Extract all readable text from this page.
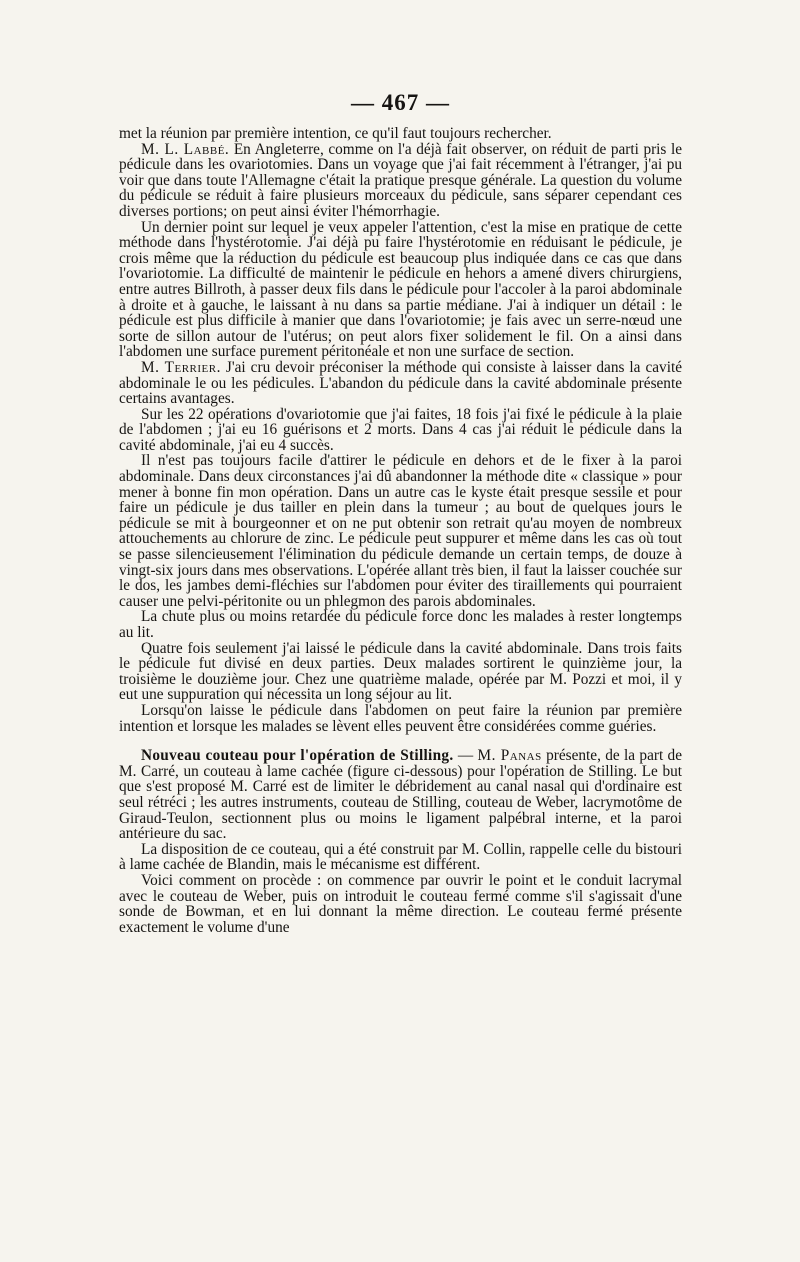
— 467 —

met la réunion par première intention, ce qu'il faut toujours rechercher.

M. L. Labbé. En Angleterre, comme on l'a déjà fait observer, on réduit de parti pris le pédicule dans les ovariotomies. Dans un voyage que j'ai fait récemment à l'étranger, j'ai pu voir que dans toute l'Allemagne c'était la pratique presque générale. La question du volume du pédicule se réduit à faire plusieurs morceaux du pédicule, sans séparer cependant ces diverses portions; on peut ainsi éviter l'hémorrhagie.

Un dernier point sur lequel je veux appeler l'attention, c'est la mise en pratique de cette méthode dans l'hystérotomie. J'ai déjà pu faire l'hystérotomie en réduisant le pédicule, je crois même que la réduction du pédicule est beaucoup plus indiquée dans ce cas que dans l'ovariotomie. La difficulté de maintenir le pédicule en hehors a amené divers chirurgiens, entre autres Billroth, à passer deux fils dans le pédicule pour l'accoler à la paroi abdominale à droite et à gauche, le laissant à nu dans sa partie médiane. J'ai à indiquer un détail : le pédicule est plus difficile à manier que dans l'ovariotomie; je fais avec un serre-nœud une sorte de sillon autour de l'utérus; on peut alors fixer solidement le fil. On a ainsi dans l'abdomen une surface purement péritonéale et non une surface de section.

M. Terrier. J'ai cru devoir préconiser la méthode qui consiste à laisser dans la cavité abdominale le ou les pédicules. L'abandon du pédicule dans la cavité abdominale présente certains avantages.

Sur les 22 opérations d'ovariotomie que j'ai faites, 18 fois j'ai fixé le pédicule à la plaie de l'abdomen ; j'ai eu 16 guérisons et 2 morts. Dans 4 cas j'ai réduit le pédicule dans la cavité abdominale, j'ai eu 4 succès.

Il n'est pas toujours facile d'attirer le pédicule en dehors et de le fixer à la paroi abdominale. Dans deux circonstances j'ai dû abandonner la méthode dite « classique » pour mener à bonne fin mon opération. Dans un autre cas le kyste était presque sessile et pour faire un pédicule je dus tailler en plein dans la tumeur ; au bout de quelques jours le pédicule se mit à bourgeonner et on ne put obtenir son retrait qu'au moyen de nombreux attouchements au chlorure de zinc. Le pédicule peut suppurer et même dans les cas où tout se passe silencieusement l'élimination du pédicule demande un certain temps, de douze à vingt-six jours dans mes observations. L'opérée allant très bien, il faut la laisser couchée sur le dos, les jambes demi-fléchies sur l'abdomen pour éviter des tiraillements qui pourraient causer une pelvi-péritonite ou un phlegmon des parois abdominales.

La chute plus ou moins retardée du pédicule force donc les malades à rester longtemps au lit.

Quatre fois seulement j'ai laissé le pédicule dans la cavité abdominale. Dans trois faits le pédicule fut divisé en deux parties. Deux malades sortirent le quinzième jour, la troisième le douzième jour. Chez une quatrième malade, opérée par M. Pozzi et moi, il y eut une suppuration qui nécessita un long séjour au lit.

Lorsqu'on laisse le pédicule dans l'abdomen on peut faire la réunion par première intention et lorsque les malades se lèvent elles peuvent être considérées comme guéries.

Nouveau couteau pour l'opération de Stilling. — M. Panas présente, de la part de M. Carré, un couteau à lame cachée (figure ci-dessous) pour l'opération de Stilling. Le but que s'est proposé M. Carré est de limiter le débridement au canal nasal qui d'ordinaire est seul rétréci ; les autres instruments, couteau de Stilling, couteau de Weber, lacrymotôme de Giraud-Teulon, sectionnent plus ou moins le ligament palpébral interne, et la paroi antérieure du sac.

La disposition de ce couteau, qui a été construit par M. Collin, rappelle celle du bistouri à lame cachée de Blandin, mais le mécanisme est différent.

Voici comment on procède : on commence par ouvrir le point et le conduit lacrymal avec le couteau de Weber, puis on introduit le couteau fermé comme s'il s'agissait d'une sonde de Bowman, et en lui donnant la même direction. Le couteau fermé présente exactement le volume d'une
